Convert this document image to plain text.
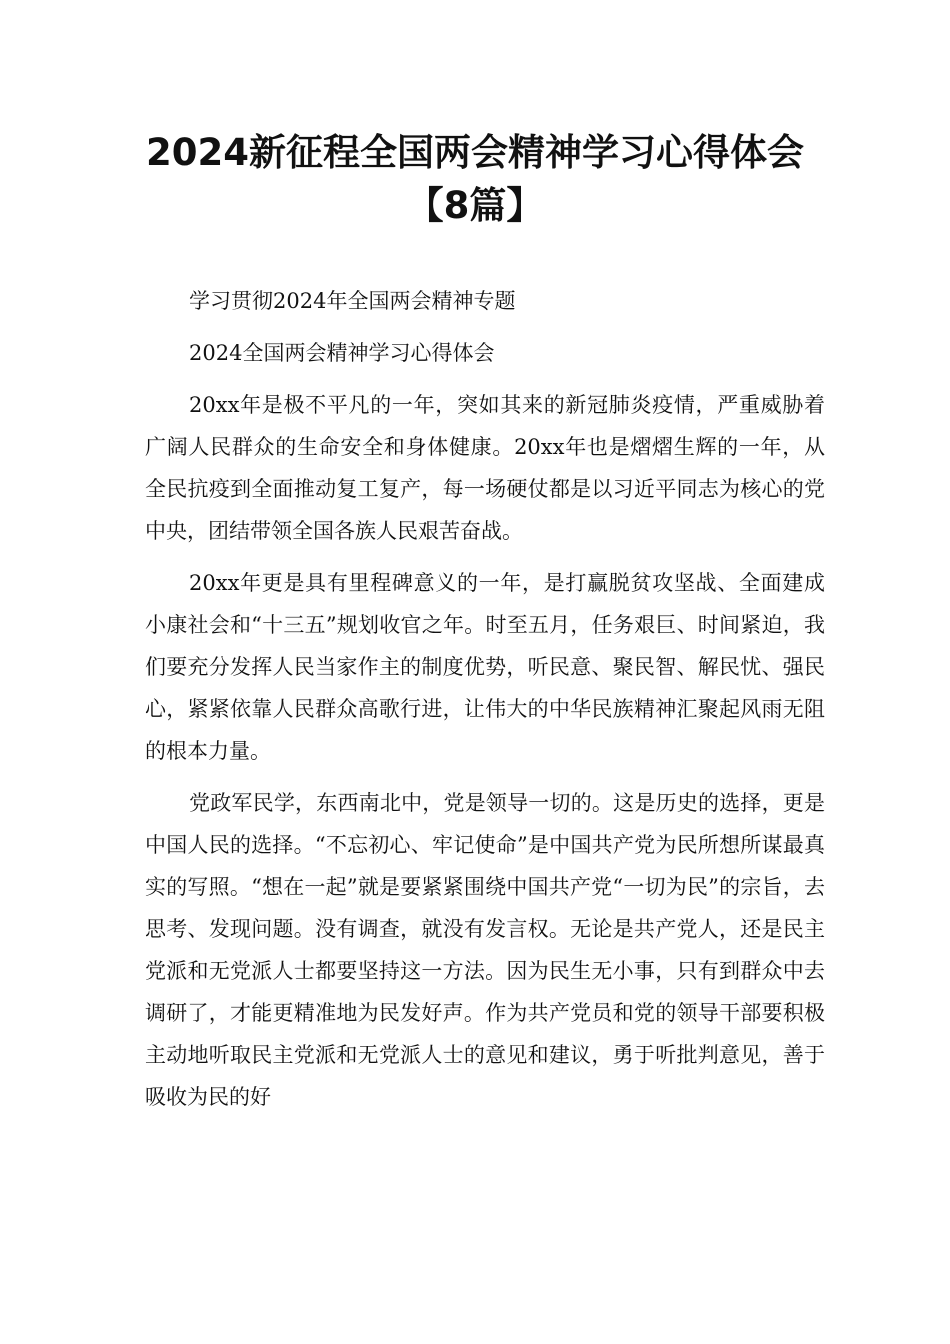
2024新征程全国两会精神学习心得体会
【8篇】

学习贯彻2024年全国两会精神专题

2024全国两会精神学习心得体会

20xx年是极不平凡的一年，突如其来的新冠肺炎疫情，严重威胁着广阔人民群众的生命安全和身体健康。20xx年也是熠熠生辉的一年，从全民抗疫到全面推动复工复产，每一场硬仗都是以习近平同志为核心的党中央，团结带领全国各族人民艰苦奋战。

20xx年更是具有里程碑意义的一年，是打赢脱贫攻坚战、全面建成小康社会和“十三五”规划收官之年。时至五月，任务艰巨、时间紧迫，我们要充分发挥人民当家作主的制度优势，听民意、聚民智、解民忧、强民心，紧紧依靠人民群众高歌行进，让伟大的中华民族精神汇聚起风雨无阻的根本力量。

党政军民学，东西南北中，党是领导一切的。这是历史的选择，更是中国人民的选择。“不忘初心、牢记使命”是中国共产党为民所想所谋最真实的写照。“想在一起”就是要紧紧围绕中国共产党“一切为民”的宗旨，去思考、发现问题。没有调查，就没有发言权。无论是共产党人，还是民主党派和无党派人士都要坚持这一方法。因为民生无小事，只有到群众中去调研了，才能更精准地为民发好声。作为共产党员和党的领导干部要积极主动地听取民主党派和无党派人士的意见和建议，勇于听批判意见，善于吸收为民的好
